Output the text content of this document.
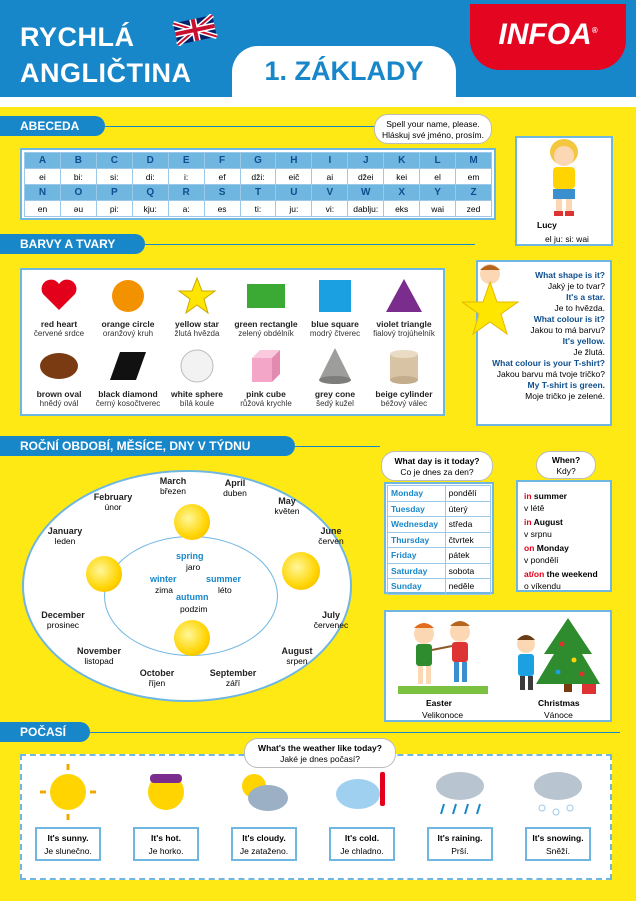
RYCHLÁ
ANGLIČTINA	1. ZÁKLADY
INFOA®
ABECEDA
A	B	C	D	E	F	G	H	I	J	K	L	M
ei	bi:	si:	di:	i:	ef	dži:	eič	ai	džei	kei	el	em
N	O	P	Q	R	S	T	U	V	W	X	Y	Z
en	əu	pi:	kju:	a:	es	ti:	ju:	vi:	dablju:	eks	wai	zed
Spell your name, please.
Hláskuj své jméno, prosím.
Lucy
el ju: si: wai
BARVY A TVARY
red heart
červené srdce
orange circle
oranžový kruh
yellow star
žlutá hvězda
green rectangle
zelený obdélník
blue square
modrý čtverec
violet triangle
fialový trojúhelník
brown oval
hnědý ovál
black diamond
černý kosočtverec
white sphere
bílá koule
pink cube
růžová krychle
grey cone
šedý kužel
beige cylinder
béžový válec

What shape is it?

Jaký je to tvar?

It's a star.

Je to hvězda.

What colour is it?

Jakou to má barvu?

It's yellow.

Je žlutá.

What colour is your T-shirt?

Jakou barvu má tvoje tričko?

My T-shirt is green.

Moje tričko je zelené.

ROČNÍ OBDOBÍ, MĚSÍCE, DNY V TÝDNU
March
březen
April
duben
February
únor
May
květen
January
leden
June
červen
December
prosinec
July
červenec
November
listopad
August
srpen
October
říjen
September
září
spring
jaro
winter
zima
summer
léto
autumn
podzim
What day is it today?
Co je dnes za den?
Monday	pondělí
Tuesday	úterý
Wednesday	středa
Thursday	čtvrtek
Friday	pátek
Saturday	sobota
Sunday	neděle
When?
Kdy?
in summer
v létě
in August
v srpnu
on Monday
v pondělí
at/on the weekend
o víkendu
Easter
Velikonoce
Christmas
Vánoce
POČASÍ
It's sunny.
Je slunečno.
It's hot.
Je horko.
It's cloudy.
Je zataženo.
It's cold.
Je chladno.
It's raining.
Prší.
It's snowing.
Sněží.
What's the weather like today?
Jaké je dnes počasí?
